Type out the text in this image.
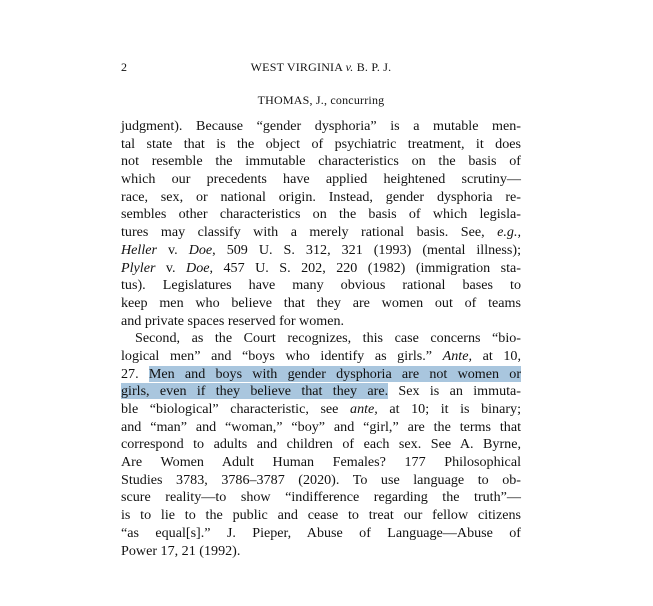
2	WEST VIRGINIA v. B. P. J.
THOMAS, J., concurring
judgment). Because “gender dysphoria” is a mutable men-
tal state that is the object of psychiatric treatment, it does
not resemble the immutable characteristics on the basis of
which our precedents have applied heightened scrutiny—
race, sex, or national origin. Instead, gender dysphoria re-
sembles other characteristics on the basis of which legisla-
tures may classify with a merely rational basis. See, e.g.,
Heller v. Doe, 509 U. S. 312, 321 (1993) (mental illness);
Plyler v. Doe, 457 U. S. 202, 220 (1982) (immigration sta-
tus). Legislatures have many obvious rational bases to
keep men who believe that they are women out of teams
and private spaces reserved for women.
Second, as the Court recognizes, this case concerns “bio-
logical men” and “boys who identify as girls.” Ante, at 10,
27. Men and boys with gender dysphoria are not women or
girls, even if they believe that they are. Sex is an immuta-
ble “biological” characteristic, see ante, at 10; it is binary;
and “man” and “woman,” “boy” and “girl,” are the terms that
correspond to adults and children of each sex. See A. Byrne,
Are Women Adult Human Females? 177 Philosophical
Studies 3783, 3786–3787 (2020). To use language to ob-
scure reality—to show “indifference regarding the truth”—
is to lie to the public and cease to treat our fellow citizens
“as equal[s].” J. Pieper, Abuse of Language—Abuse of
Power 17, 21 (1992).
